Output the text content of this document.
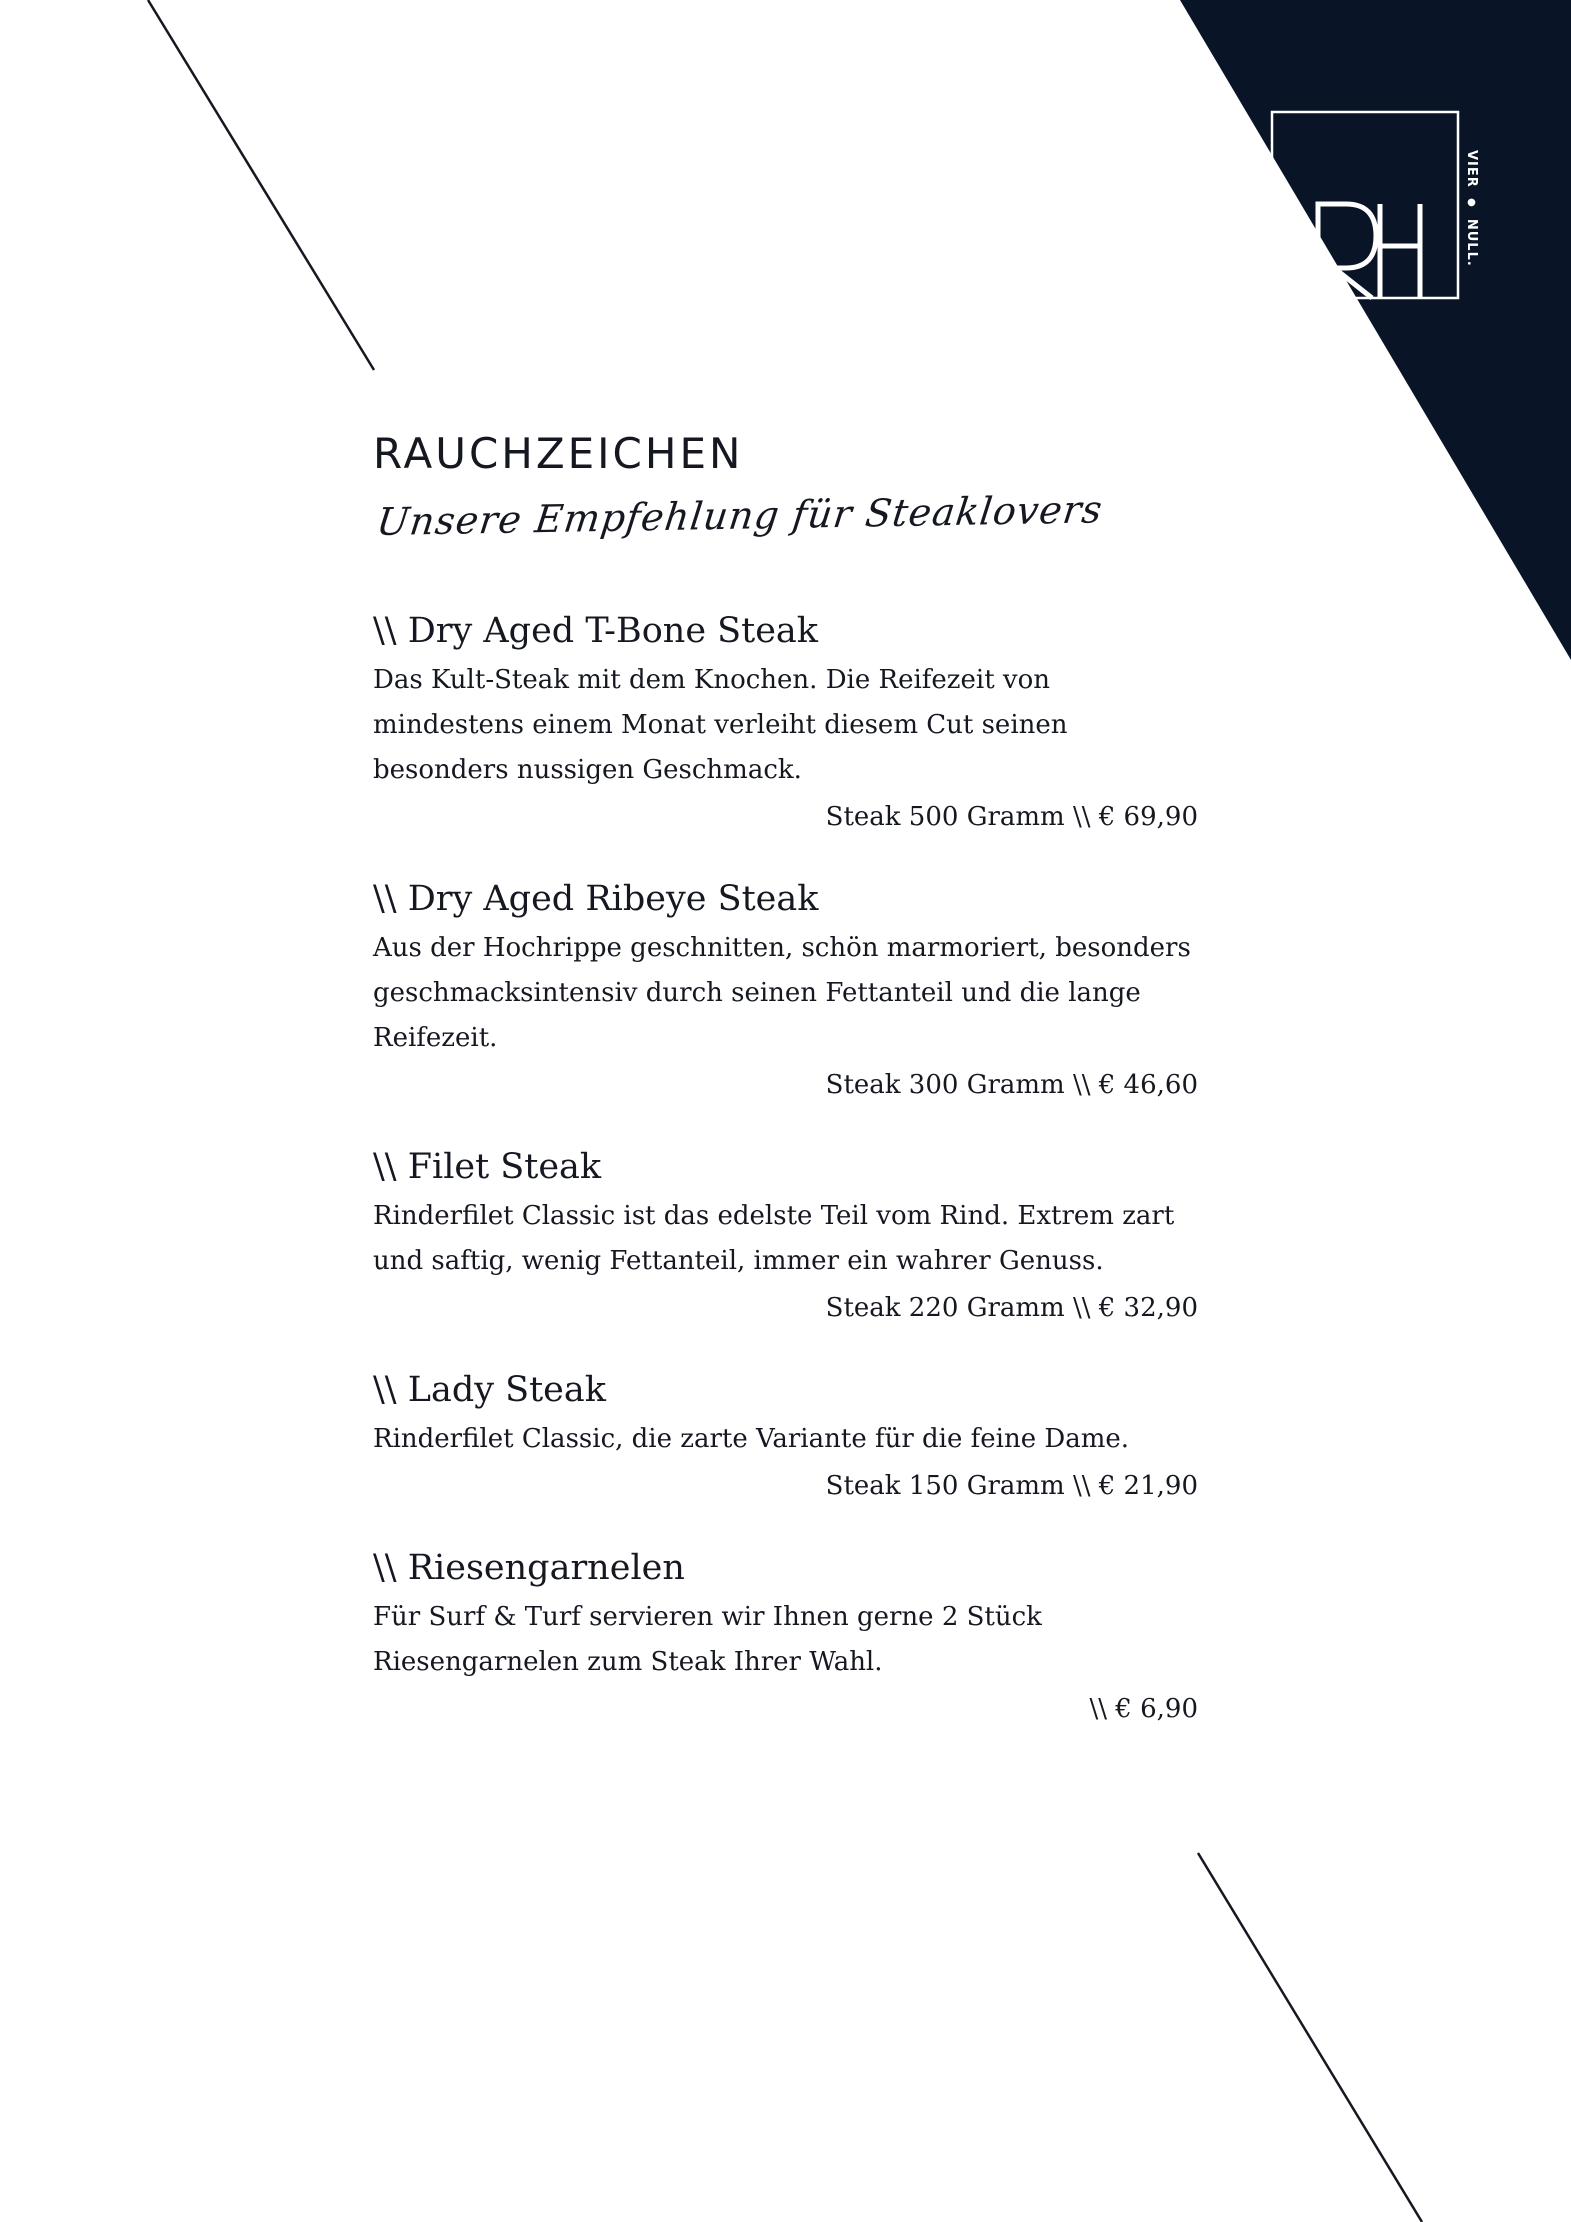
VIER ● NULL.
RAUCHZEICHEN
Unsere Empfehlung für Steaklovers
\\ Dry Aged T-Bone Steak

Das Kult-Steak mit dem Knochen. Die Reifezeit von mindestens einem Monat verleiht diesem Cut seinen besonders nussigen Geschmack.

Steak 500 Gramm \\ € 69,90

\\ Dry Aged Ribeye Steak

Aus der Hochrippe geschnitten, schön marmoriert, besonders geschmacksintensiv durch seinen Fettanteil und die lange Reifezeit.

Steak 300 Gramm \\ € 46,60

\\ Filet Steak

Rinderfilet Classic ist das edelste Teil vom Rind. Extrem zart und saftig, wenig Fettanteil, immer ein wahrer Genuss.

Steak 220 Gramm \\ € 32,90

\\ Lady Steak

Rinderfilet Classic, die zarte Variante für die feine Dame.

Steak 150 Gramm \\ € 21,90

\\ Riesengarnelen

Für Surf & Turf servieren wir Ihnen gerne 2 Stück Riesengarnelen zum Steak Ihrer Wahl.

\\ € 6,90
